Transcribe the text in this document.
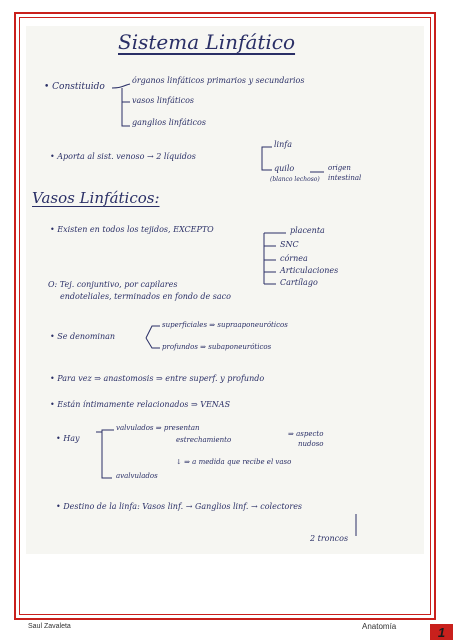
Sistema Linfático
• Constituido
órganos linfáticos primarios y secundarios
vasos linfáticos
ganglios linfáticos
• Aporta al sist. venoso → 2 líquidos
linfa
quilo
(blanco lechoso)
origen
intestinal
Vasos Linfáticos:
• Existen en todos los tejidos, EXCEPTO	placenta
SNC
córnea
Articulaciones
Cartílago
O: Tej. conjuntivo, por capilares
endoteliales, terminados en fondo de saco
• Se denominan
superficiales ⇒ supraaponeuróticos
profundos ⇒ subaponeuróticos
• Para vez ⇒ anastomosis ⇒ entre superf. y profundo
• Están íntimamente relacionados ⇒ VENAS
• Hay
valvulados ⇒ presentan
estrechamiento
⇒ aspecto
nudoso
↓ ⇒ a medida que recibe el vaso
avalvulados
• Destino de la linfa: Vasos linf. → Ganglios linf. → colectores
2 troncos
Saul Zavaleta	Anatomía	1
